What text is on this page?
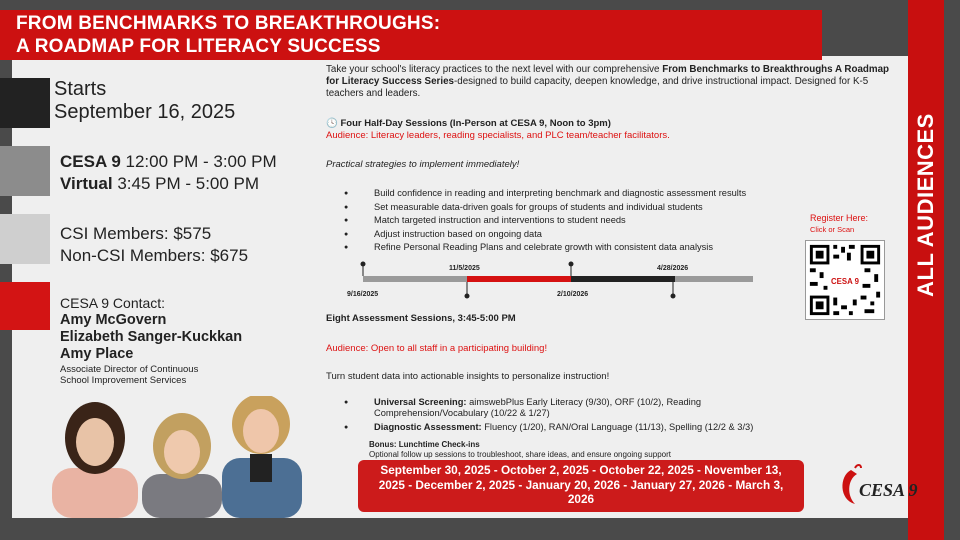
FROM BENCHMARKS TO BREAKTHROUGHS:
A ROADMAP FOR LITERACY SUCCESS
ALL AUDIENCES
Starts
September 16, 2025
CESA 9 12:00 PM - 3:00 PM
Virtual 3:45 PM - 5:00 PM
CSI Members: $575
Non-CSI Members: $675
CESA 9 Contact:
Amy McGovern
Elizabeth Sanger-Kuckkan
Amy Place
Associate Director of Continuous School Improvement Services
Take your school's literacy practices to the next level with our comprehensive From Benchmarks to Breakthroughs A Roadmap for Literacy Success Series-designed to build capacity, deepen knowledge, and drive instructional impact. Designed for K-5 teachers and leaders.
🕓 Four Half-Day Sessions (In-Person at CESA 9, Noon to 3pm)
Audience: Literacy leaders, reading specialists, and PLC team/teacher facilitators.
Practical strategies to implement immediately!
● Build confidence in reading and interpreting benchmark and diagnostic assessment results
● Set measurable data-driven goals for groups of students and individual students
● Match targeted instruction and interventions to student needs
● Adjust instruction based on ongoing data
● Refine Personal Reading Plans and celebrate growth with consistent data analysis
9/16/2025
11/5/2025
2/10/2026
4/28/2026
Eight Assessment Sessions, 3:45-5:00 PM
Audience: Open to all staff in a participating building!
Turn student data into actionable insights to personalize instruction!
● Universal Screening: aimswebPlus Early Literacy (9/30), ORF (10/2), Reading Comprehension/Vocabulary (10/22 & 1/27)
● Diagnostic Assessment: Fluency (1/20), RAN/Oral Language (11/13), Spelling (12/2 & 3/3)
Bonus: Lunchtime Check-ins
Optional follow up sessions to troubleshoot, share ideas, and ensure ongoing support
September 30, 2025 - October 2, 2025 - October 22, 2025 - November 13, 2025 - December 2, 2025 - January 20, 2026 - January 27, 2026 - March 3, 2026
Register Here:
Click or Scan
CESA 9
CESA 9
